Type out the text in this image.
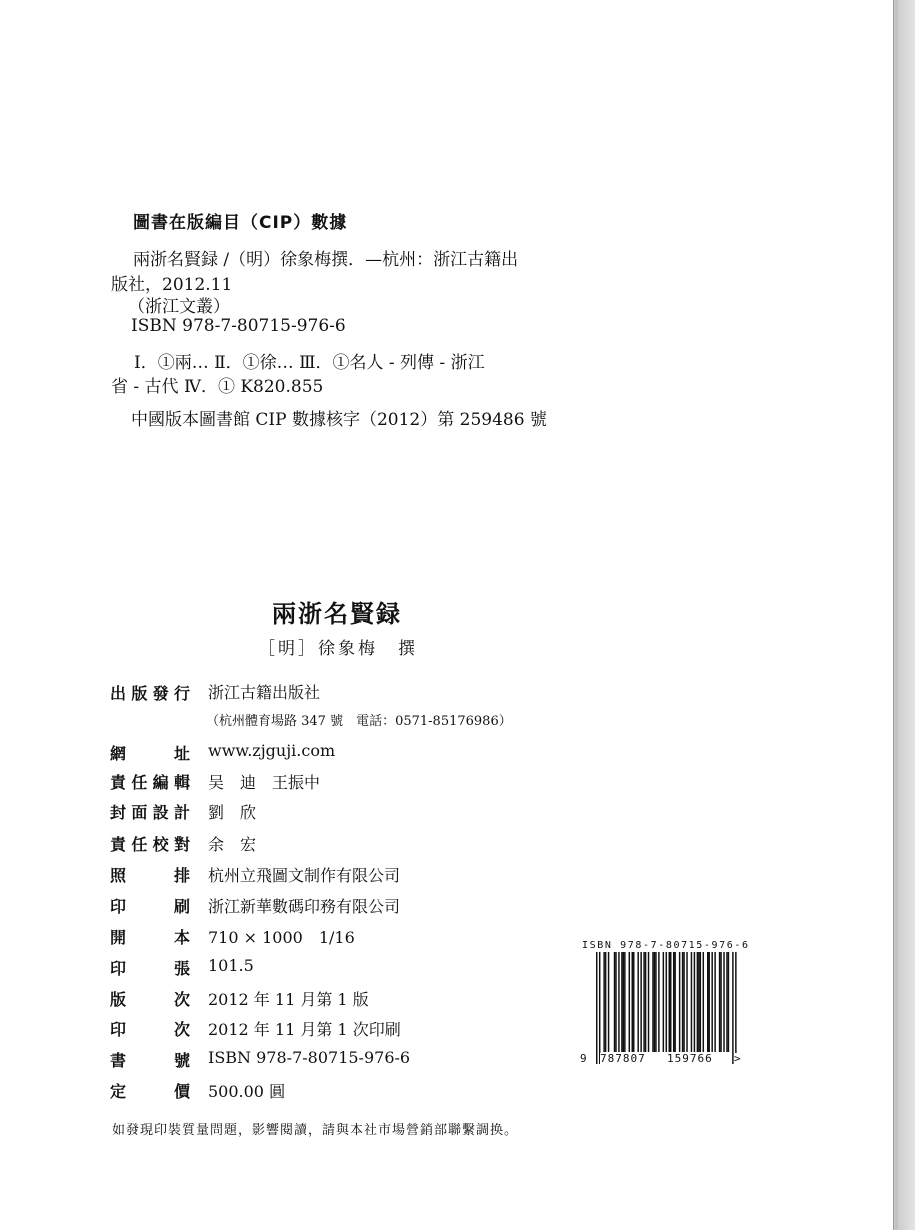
圖書在版編目（CIP）數據
兩浙名賢録 /（明）徐象梅撰．—杭州：浙江古籍出
版社，2012.11
（浙江文叢）
ISBN 978-7-80715-976-6
Ⅰ．①兩… Ⅱ．①徐… Ⅲ．①名人 - 列傳 - 浙江
省 - 古代 Ⅳ．① K820.855
中國版本圖書館 CIP 數據核字（2012）第 259486 號
兩浙名賢録
［明］徐象梅　撰
出 版 發 行 浙江古籍出版社
（杭州體育場路 347 號　電話：0571-85176986）
網	址 www.zjguji.com
責 任 編 輯 吴　迪　王振中
封 面 設 計 劉　欣
責 任 校 對 余　宏
照	排 杭州立飛圖文制作有限公司
印	刷 浙江新華數碼印務有限公司
開	本 710 × 1000　1/16
印	張 101.5
版	次 2012 年 11 月第 1 版
印	次 2012 年 11 月第 1 次印刷
書	號 ISBN 978-7-80715-976-6
定	價 500.00 圓
如發現印裝質量問題，影響閱讀，請與本社市場營銷部聯繫調换。
ISBN 978-7-80715-976-6
9 787807 159766 >
